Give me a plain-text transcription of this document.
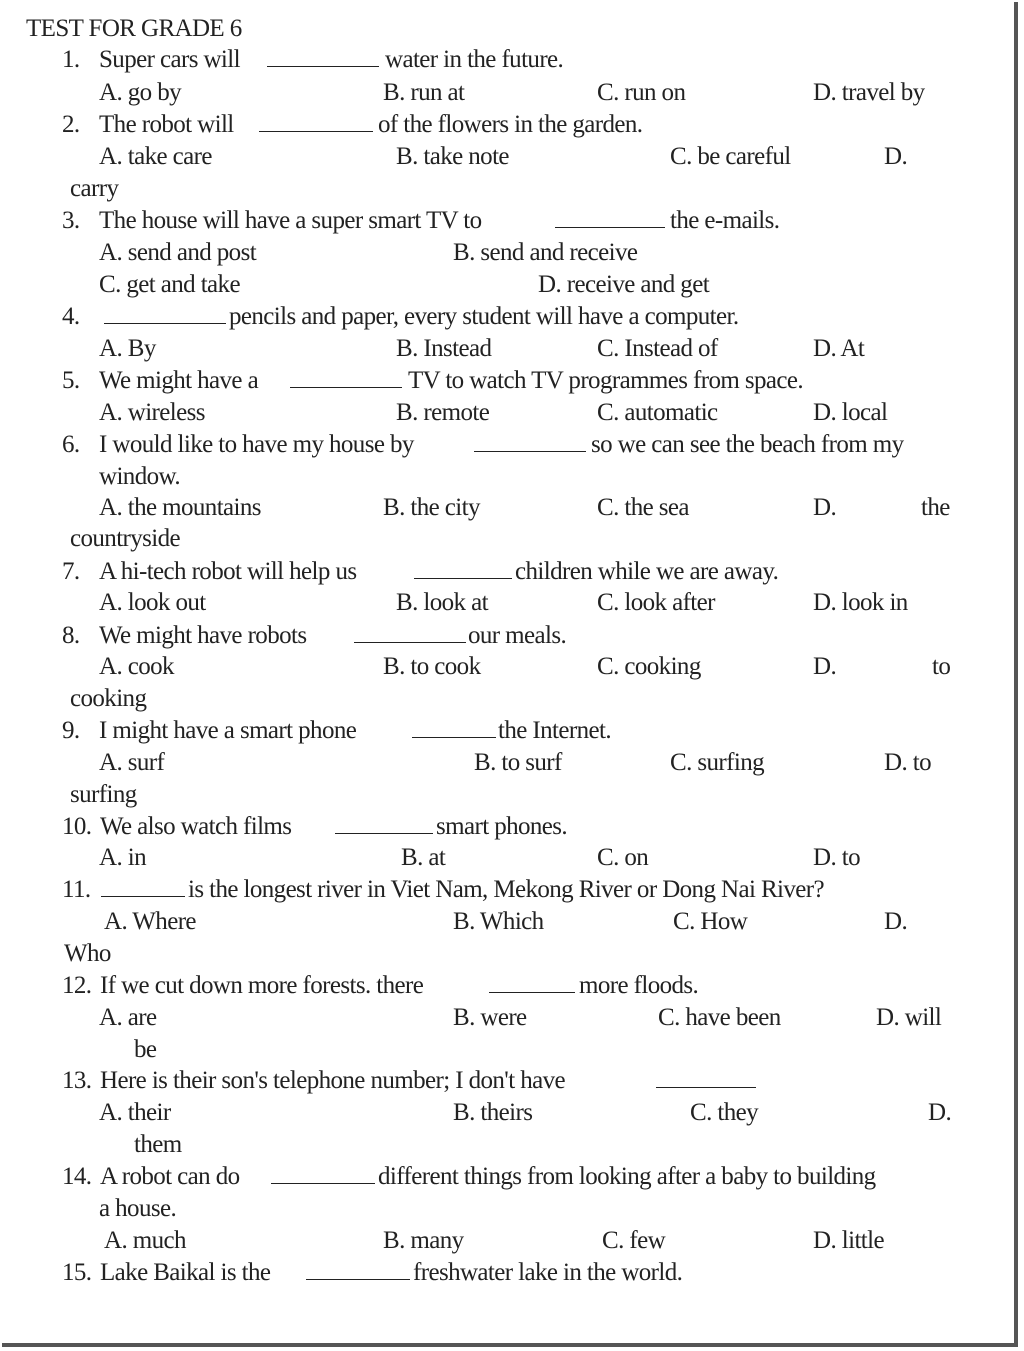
TEST FOR GRADE 6
1. Super cars will	water in the future.
A. go by	B. run at	C. run on	D. travel by
2. The robot will	of the flowers in the garden.
A. take care	B. take note	C. be careful	D.
carry
3. The house will have a super smart TV to	the e-mails.
A. send and post	B. send and receive
C. get and take	D. receive and get
4.	pencils and paper, every student will have a computer.
A. By	B. Instead	C. Instead of	D. At
5. We might have a	TV to watch TV programmes from space.
A. wireless	B. remote	C. automatic	D. local
6. I would like to have my house by	so we can see the beach from my
window.
A. the mountains	B. the city	C. the sea	D.	the
countryside
7. A hi-tech robot will help us	children while we are away.
A. look out	B. look at	C. look after	D. look in
8. We might have robots	our meals.
A. cook	B. to cook	C. cooking	D.	to
cooking
9. I might have a smart phone	the Internet.
A. surf	B. to surf	C. surfing	D. to
surfing
10. We also watch films	smart phones.
A. in	B. at	C. on	D. to
11.	is the longest river in Viet Nam, Mekong River or Dong Nai River?
A. Where	B. Which	C. How	D.
Who
12. If we cut down more forests. there	more floods.
A. are	B. were	C. have been	D. will
be
13. Here is their son's telephone number; I don't have
A. their	B. theirs	C. they	D.
them
14. A robot can do	different things from looking after a baby to building
a house.
A. much	B. many	C. few	D. little
15. Lake Baikal is the	freshwater lake in the world.
